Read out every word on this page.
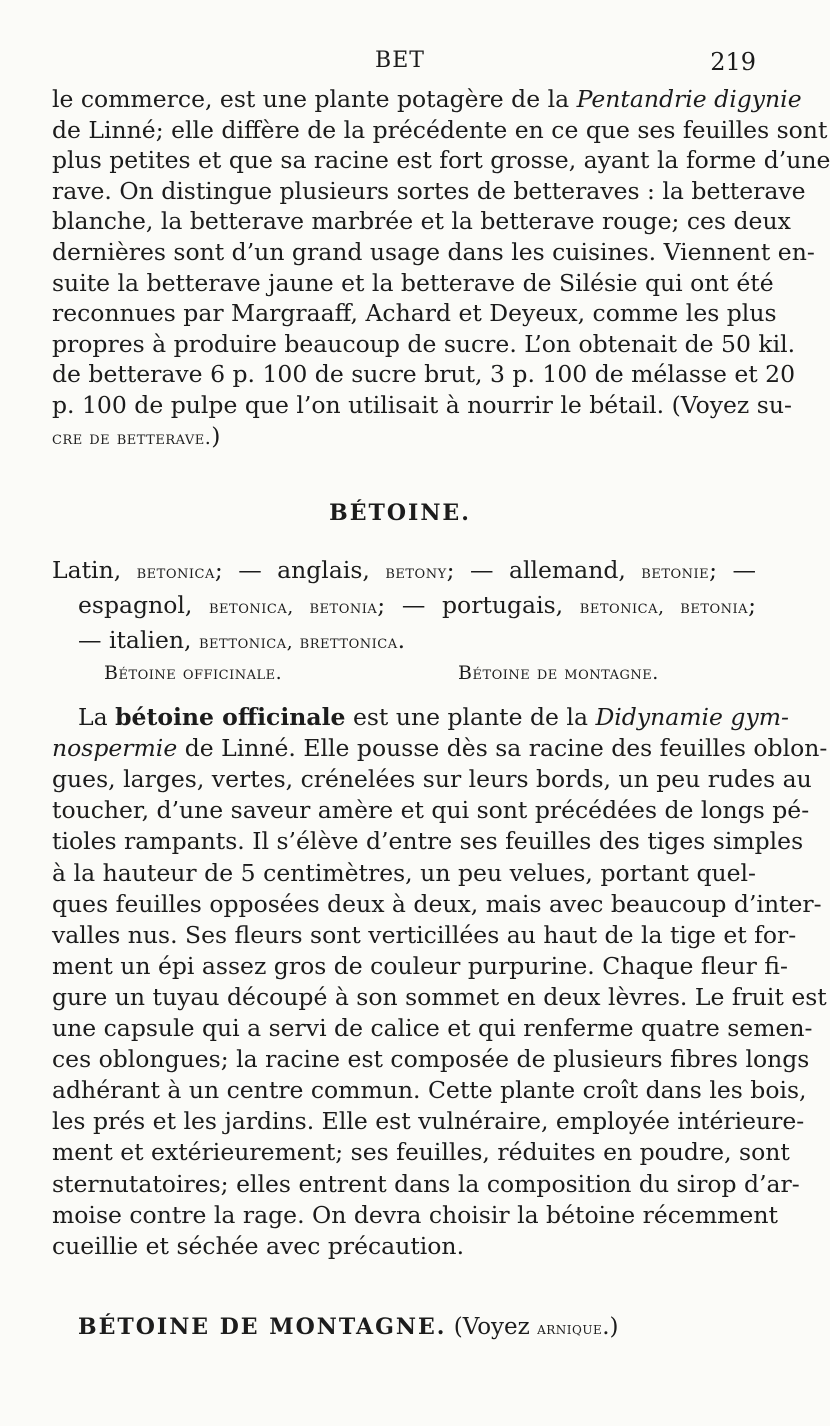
BET	219
le commerce, est une plante potagère de la Pentandrie digynie
de Linné; elle diffère de la précédente en ce que ses feuilles sont
plus petites et que sa racine est fort grosse, ayant la forme d’une
rave. On distingue plusieurs sortes de betteraves : la betterave
blanche, la betterave marbrée et la betterave rouge; ces deux
dernières sont d’un grand usage dans les cuisines. Viennent en-
suite la betterave jaune et la betterave de Silésie qui ont été
reconnues par Margraaff, Achard et Deyeux, comme les plus
propres à produire beaucoup de sucre. L’on obtenait de 50 kil.
de betterave 6 p. 100 de sucre brut, 3 p. 100 de mélasse et 20
p. 100 de pulpe que l’on utilisait à nourrir le bétail. (Voyez su-
cre de betterave.)
BÉTOINE.
Latin, betonica; — anglais, betony; — allemand, betonie; —
espagnol, betonica, betonia; — portugais, betonica, betonia;
— italien, bettonica, brettonica.
Bétoine officinale.	Bétoine de montagne.
La bétoine officinale est une plante de la Didynamie gym-
nospermie de Linné. Elle pousse dès sa racine des feuilles oblon-
gues, larges, vertes, crénelées sur leurs bords, un peu rudes au
toucher, d’une saveur amère et qui sont précédées de longs pé-
tioles rampants. Il s’élève d’entre ses feuilles des tiges simples
à la hauteur de 5 centimètres, un peu velues, portant quel-
ques feuilles opposées deux à deux, mais avec beaucoup d’inter-
valles nus. Ses fleurs sont verticillées au haut de la tige et for-
ment un épi assez gros de couleur purpurine. Chaque fleur fi-
gure un tuyau découpé à son sommet en deux lèvres. Le fruit est
une capsule qui a servi de calice et qui renferme quatre semen-
ces oblongues; la racine est composée de plusieurs fibres longs
adhérant à un centre commun. Cette plante croît dans les bois,
les prés et les jardins. Elle est vulnéraire, employée intérieure-
ment et extérieurement; ses feuilles, réduites en poudre, sont
sternutatoires; elles entrent dans la composition du sirop d’ar-
moise contre la rage. On devra choisir la bétoine récemment
cueillie et séchée avec précaution.
BÉTOINE DE MONTAGNE. (Voyez arnique.)
